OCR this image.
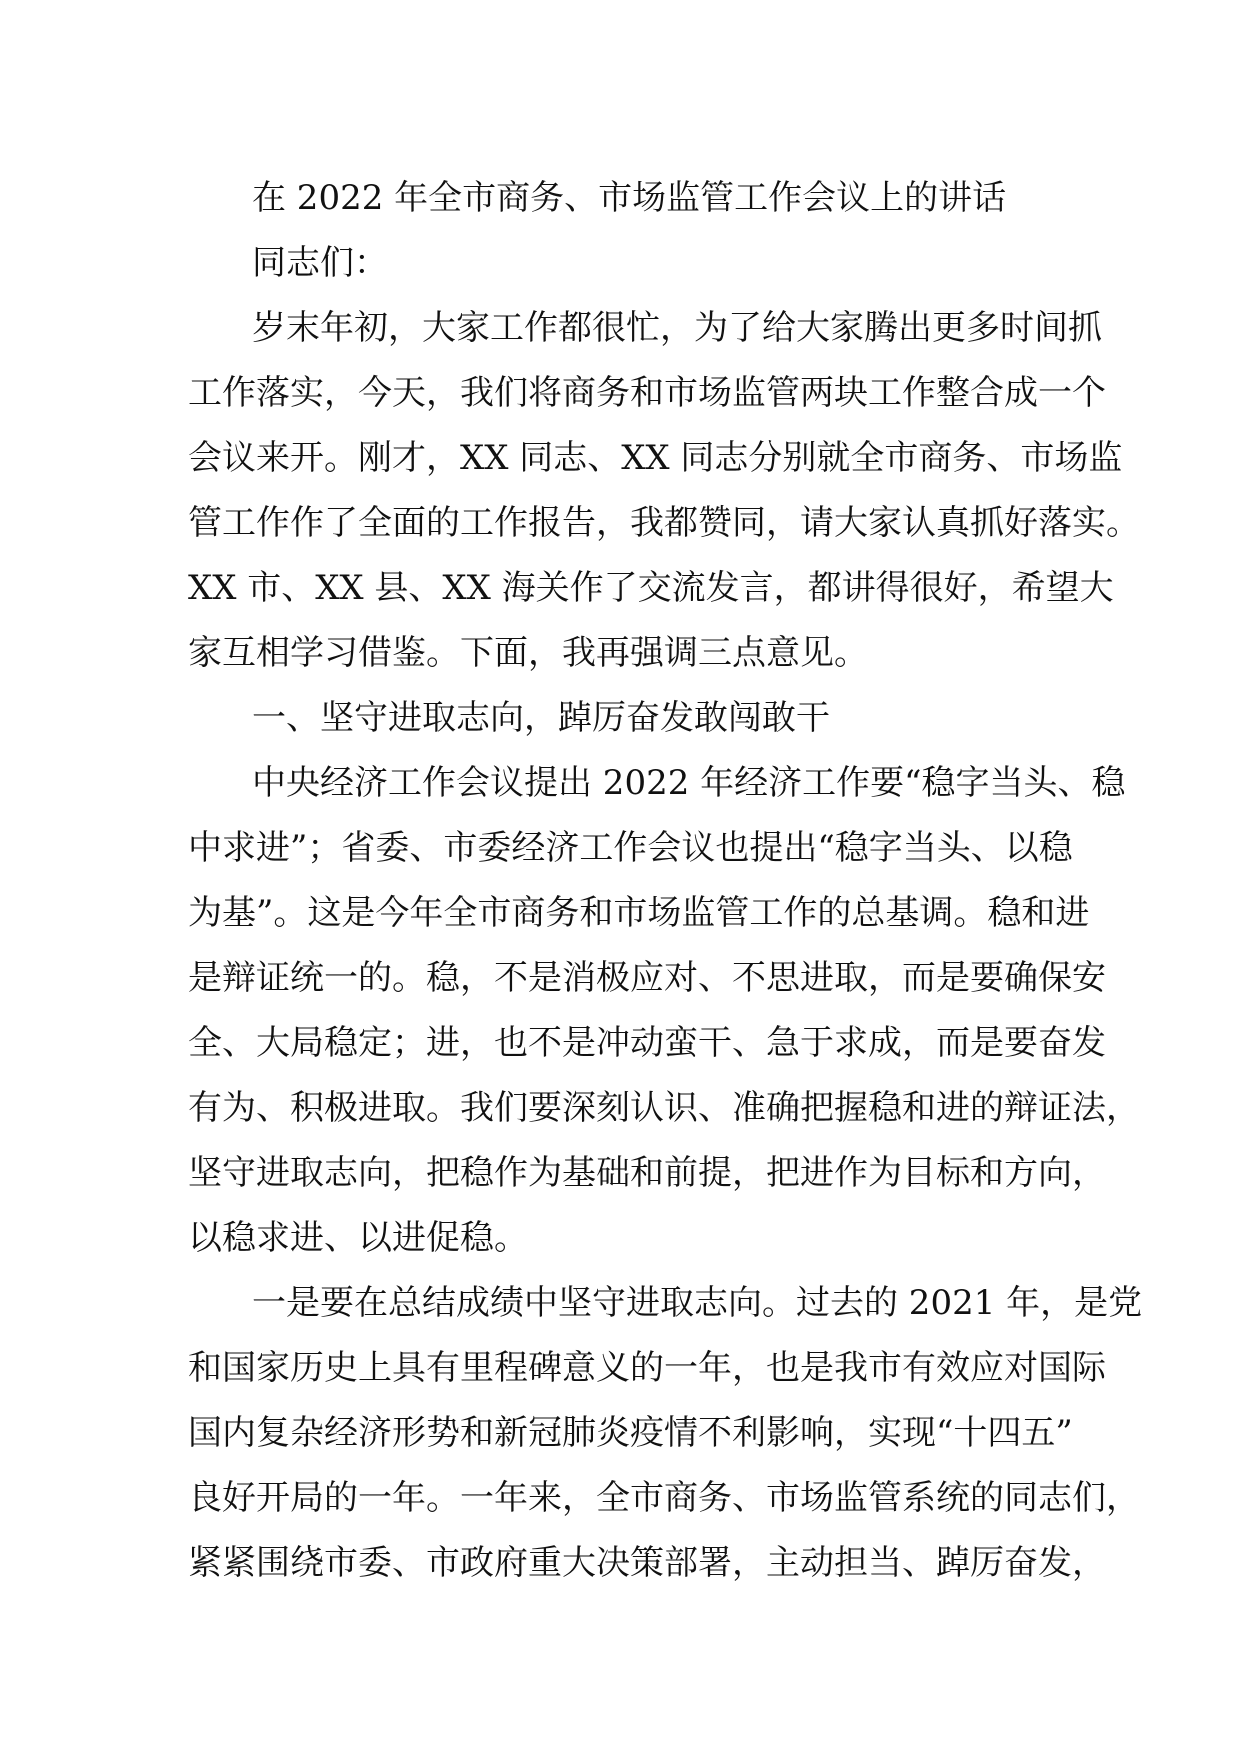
在 2022 年全市商务、市场监管工作会议上的讲话
同志们：
岁末年初，大家工作都很忙，为了给大家腾出更多时间抓
工作落实，今天，我们将商务和市场监管两块工作整合成一个
会议来开。刚才，XX 同志、XX 同志分别就全市商务、市场监
管工作作了全面的工作报告，我都赞同，请大家认真抓好落实。
XX 市、XX 县、XX 海关作了交流发言，都讲得很好，希望大
家互相学习借鉴。下面，我再强调三点意见。
一、坚守进取志向，踔厉奋发敢闯敢干
中央经济工作会议提出 2022 年经济工作要“稳字当头、稳
中求进”；省委、市委经济工作会议也提出“稳字当头、以稳
为基”。这是今年全市商务和市场监管工作的总基调。稳和进
是辩证统一的。稳，不是消极应对、不思进取，而是要确保安
全、大局稳定；进，也不是冲动蛮干、急于求成，而是要奋发
有为、积极进取。我们要深刻认识、准确把握稳和进的辩证法，
坚守进取志向，把稳作为基础和前提，把进作为目标和方向，
以稳求进、以进促稳。
一是要在总结成绩中坚守进取志向。过去的 2021 年，是党
和国家历史上具有里程碑意义的一年，也是我市有效应对国际
国内复杂经济形势和新冠肺炎疫情不利影响，实现“十四五”
良好开局的一年。一年来，全市商务、市场监管系统的同志们，
紧紧围绕市委、市政府重大决策部署，主动担当、踔厉奋发，
